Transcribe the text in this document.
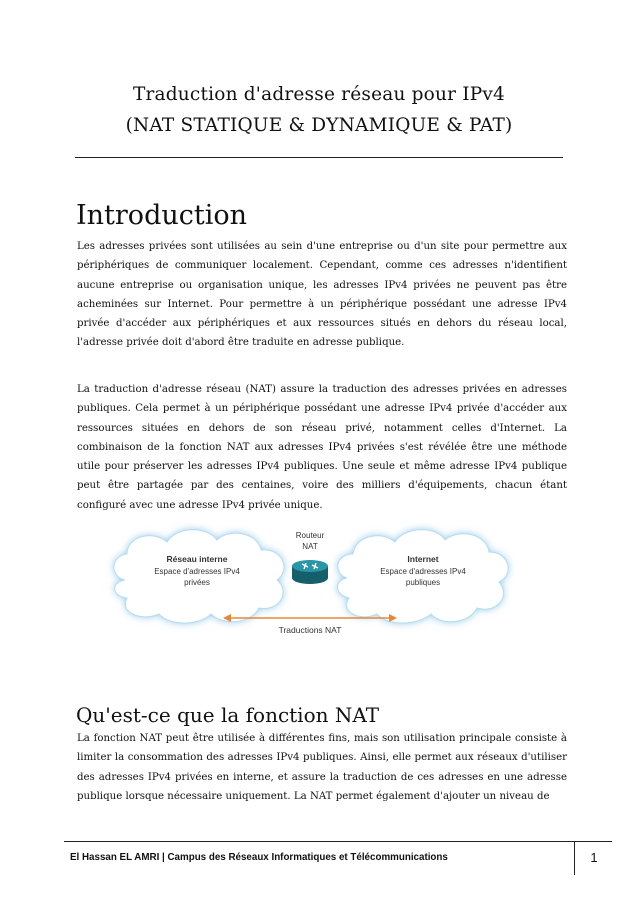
Traduction d'adresse réseau pour IPv4
(NAT STATIQUE & DYNAMIQUE & PAT)
Introduction
Les adresses privées sont utilisées au sein d'une entreprise ou d'un site pour permettre aux périphériques de communiquer localement. Cependant, comme ces adresses n'identifient aucune entreprise ou organisation unique, les adresses IPv4 privées ne peuvent pas être acheminées sur Internet. Pour permettre à un périphérique possédant une adresse IPv4 privée d'accéder aux périphériques et aux ressources situés en dehors du réseau local, l'adresse privée doit d'abord être traduite en adresse publique.
La traduction d'adresse réseau (NAT) assure la traduction des adresses privées en adresses publiques. Cela permet à un périphérique possédant une adresse IPv4 privée d'accéder aux ressources situées en dehors de son réseau privé, notamment celles d'Internet. La combinaison de la fonction NAT aux adresses IPv4 privées s'est révélée être une méthode utile pour préserver les adresses IPv4 publiques. Une seule et même adresse IPv4 publique peut être partagée par des centaines, voire des milliers d'équipements, chacun étant configuré avec une adresse IPv4 privée unique.
Réseau interne
Espace d'adresses IPv4
privées
Internet
Espace d'adresses IPv4
publiques
Routeur
NAT
Traductions NAT
Qu'est-ce que la fonction NAT
La fonction NAT peut être utilisée à différentes fins, mais son utilisation principale consiste à limiter la consommation des adresses IPv4 publiques. Ainsi, elle permet aux réseaux d'utiliser des adresses IPv4 privées en interne, et assure la traduction de ces adresses en une adresse publique lorsque nécessaire uniquement. La NAT permet également d'ajouter un niveau de
El Hassan EL AMRI | Campus des Réseaux Informatiques et Télécommunications	1
